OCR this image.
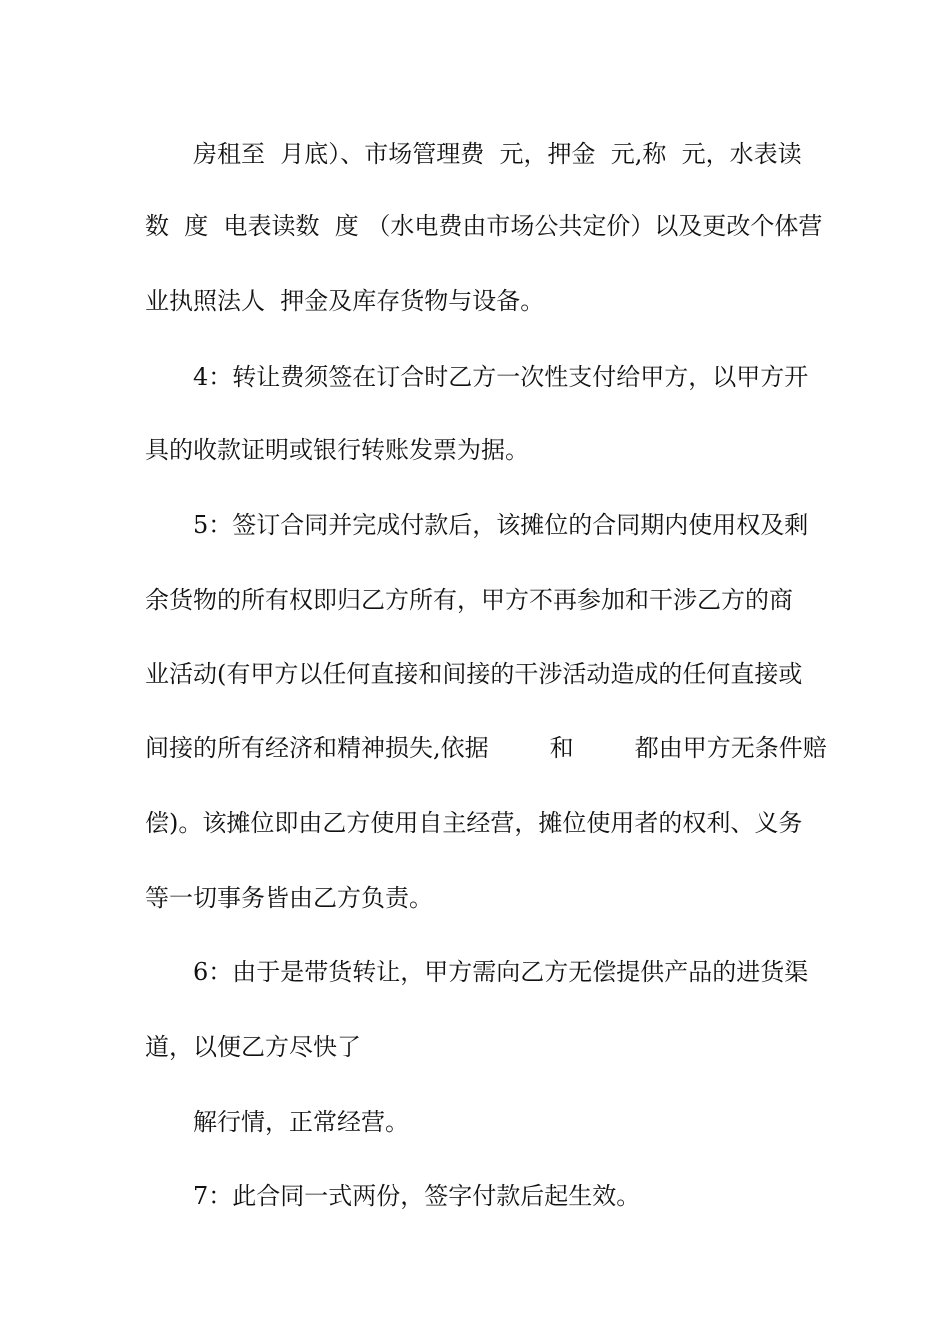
房租至  月底）、市场管理费  元，押金  元,称  元，水表读
数  度  电表读数  度 （水电费由市场公共定价）以及更改个体营
业执照法人  押金及库存货物与设备。
4：转让费须签在订合时乙方一次性支付给甲方，以甲方开
具的收款证明或银行转账发票为据。
5：签订合同并完成付款后，该摊位的合同期内使用权及剩
余货物的所有权即归乙方所有，甲方不再参加和干涉乙方的商
业活动(有甲方以任何直接和间接的干涉活动造成的任何直接或
间接的所有经济和精神损失,依据        和        都由甲方无条件赔
偿)。该摊位即由乙方使用自主经营，摊位使用者的权利、义务
等一切事务皆由乙方负责。
6：由于是带货转让，甲方需向乙方无偿提供产品的进货渠
道，以便乙方尽快了
解行情，正常经营。
7：此合同一式两份，签字付款后起生效。
